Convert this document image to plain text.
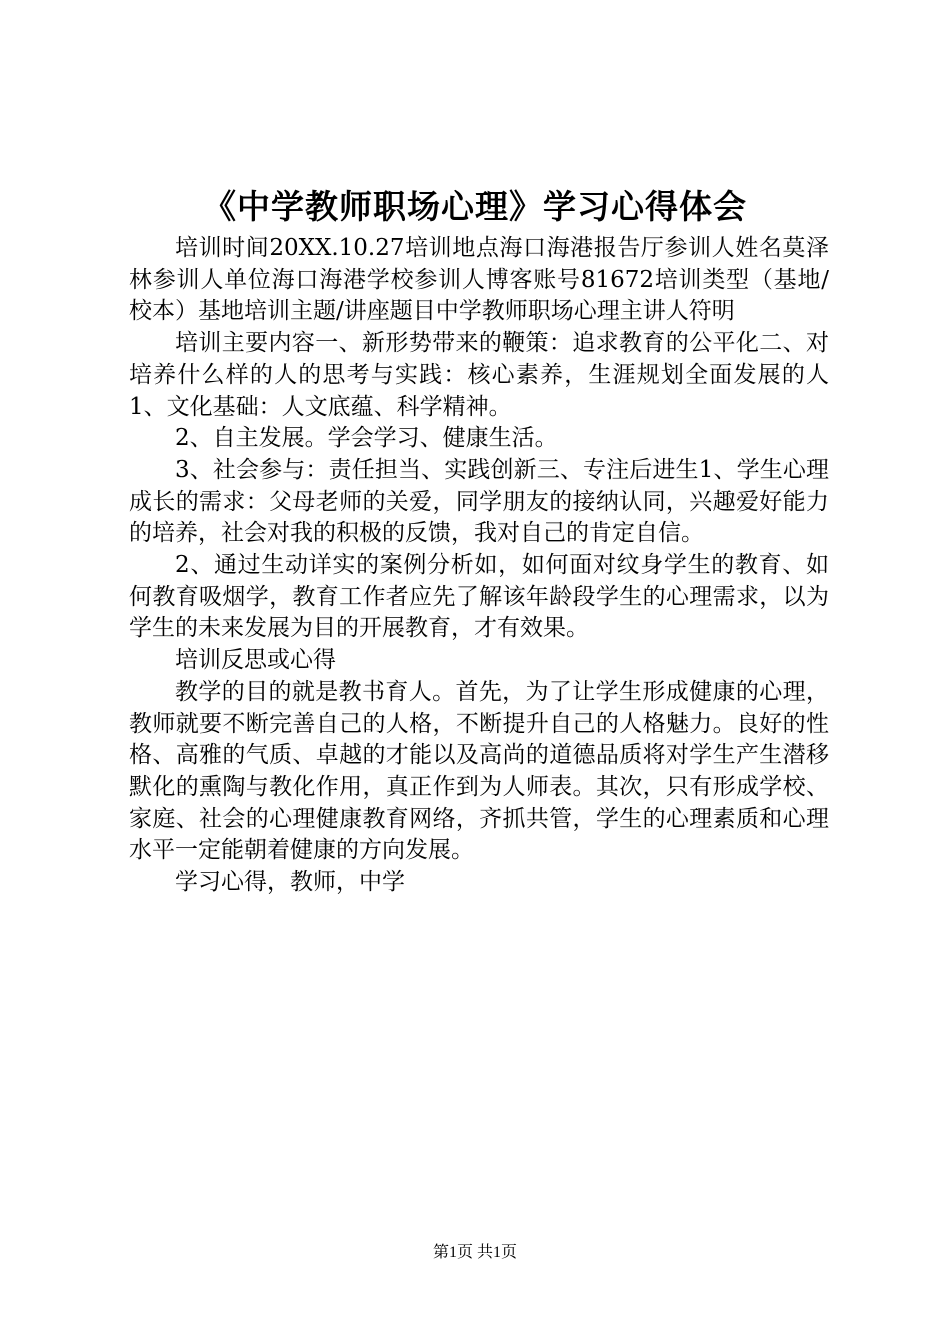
《中学教师职场心理》学习心得体会

培训时间20XX.10.27培训地点海口海港报告厅参训人姓名莫泽林参训人单位海口海港学校参训人博客账号81672培训类型（基地/校本）基地培训主题/讲座题目中学教师职场心理主讲人符明

培训主要内容一、新形势带来的鞭策：追求教育的公平化二、对培养什么样的人的思考与实践：核心素养，生涯规划全面发展的人1、文化基础：人文底蕴、科学精神。

2、自主发展。学会学习、健康生活。

3、社会参与：责任担当、实践创新三、专注后进生1、学生心理成长的需求：父母老师的关爱，同学朋友的接纳认同，兴趣爱好能力的培养，社会对我的积极的反馈，我对自己的肯定自信。

2、通过生动详实的案例分析如，如何面对纹身学生的教育、如何教育吸烟学，教育工作者应先了解该年龄段学生的心理需求，以为学生的未来发展为目的开展教育，才有效果。

培训反思或心得

教学的目的就是教书育人。首先，为了让学生形成健康的心理，教师就要不断完善自己的人格，不断提升自己的人格魅力。良好的性格、高雅的气质、卓越的才能以及高尚的道德品质将对学生产生潜移默化的熏陶与教化作用，真正作到为人师表。其次，只有形成学校、家庭、社会的心理健康教育网络，齐抓共管，学生的心理素质和心理水平一定能朝着健康的方向发展。

学习心得，教师，中学

第1页 共1页
